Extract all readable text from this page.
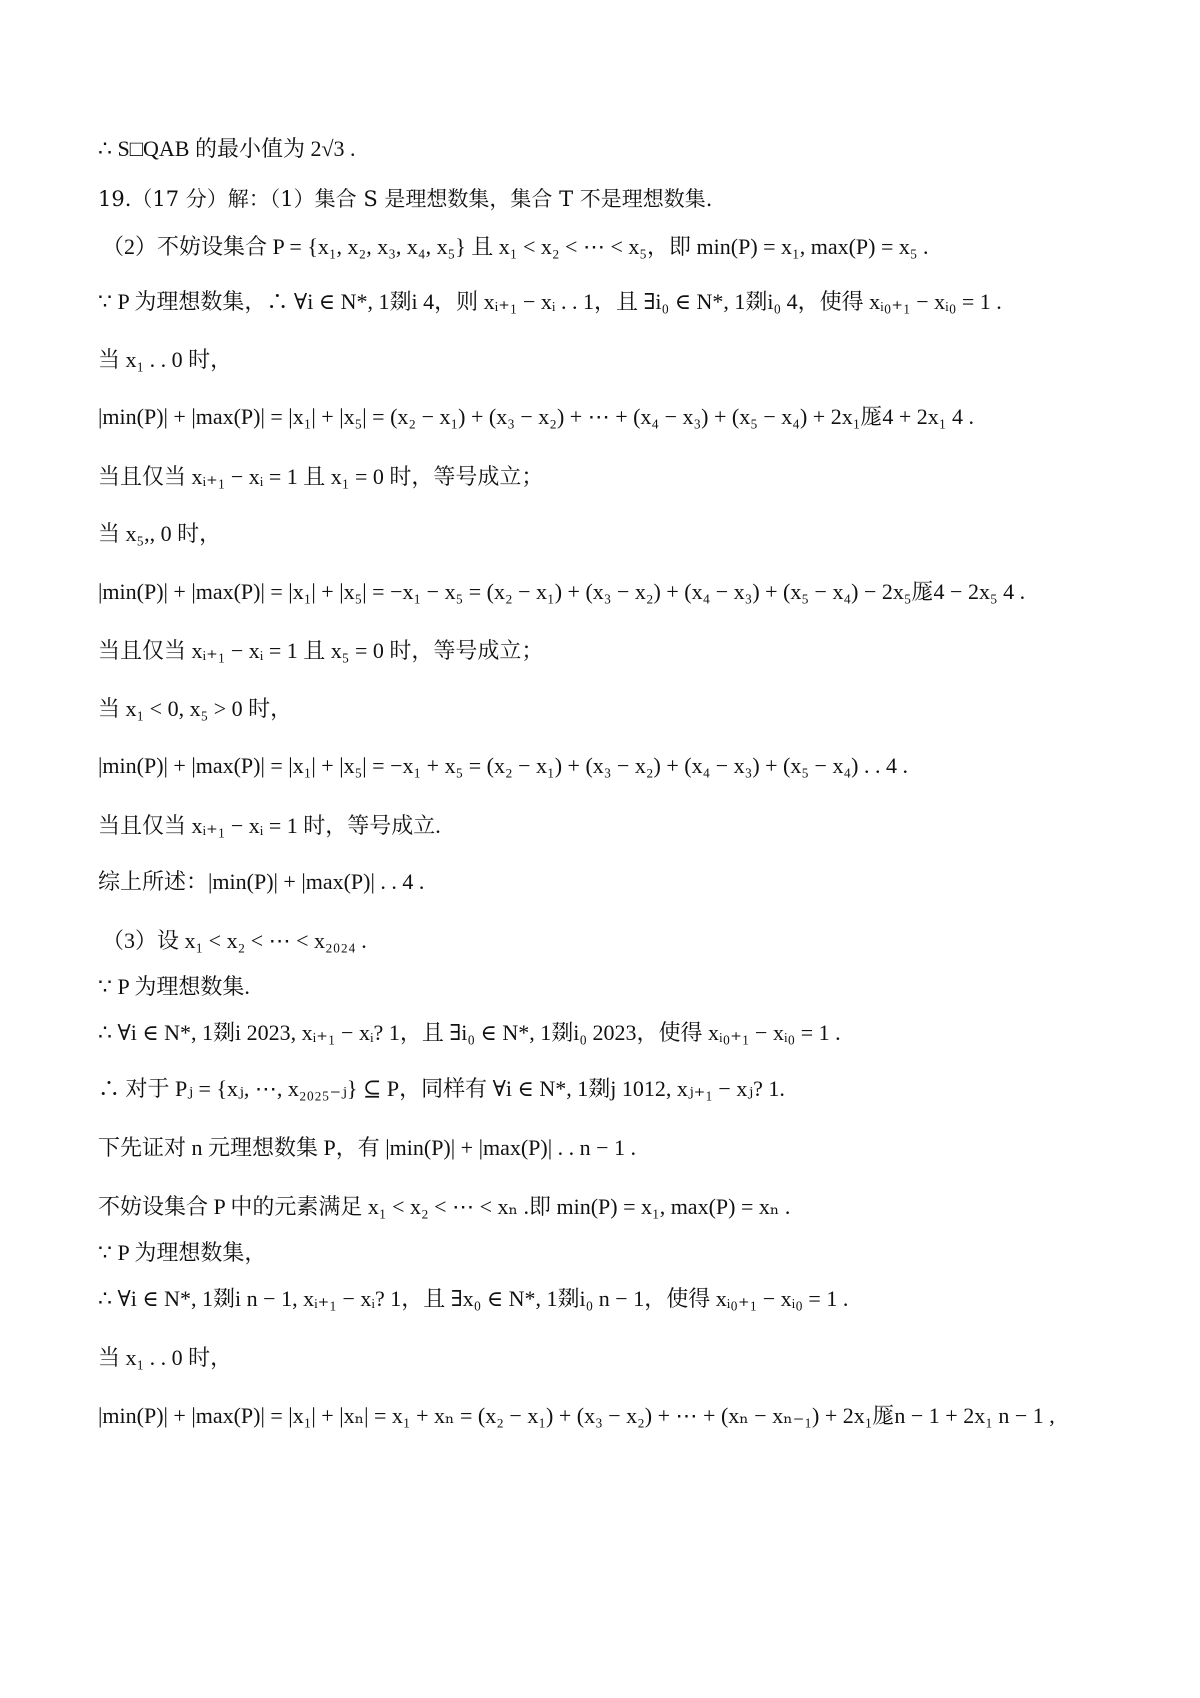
∴ S□QAB 的最小值为 2√3 .
19.（17 分）解：（1）集合 S 是理想数集，集合 T 不是理想数集.
（2）不妨设集合 P = {x₁, x₂, x₃, x₄, x₅} 且 x₁ < x₂ < ⋯ < x₅，即 min(P) = x₁, max(P) = x₅ .
∵ P 为理想数集，∴ ∀i ∈ N*, 1剟i 4，则 xᵢ₊₁ − xᵢ . . 1，且 ∃i₀ ∈ N*, 1剟i₀ 4，使得 xᵢ₀₊₁ − xᵢ₀ = 1 .
当 x₁ . . 0 时，
|min(P)| + |max(P)| = |x₁| + |x₅| = (x₂ − x₁) + (x₃ − x₂) + ⋯ + (x₄ − x₃) + (x₅ − x₄) + 2x₁厖4 + 2x₁ 4 .
当且仅当 xᵢ₊₁ − xᵢ = 1 且 x₁ = 0 时，等号成立；
当 x₅,, 0 时，
|min(P)| + |max(P)| = |x₁| + |x₅| = −x₁ − x₅ = (x₂ − x₁) + (x₃ − x₂) + (x₄ − x₃) + (x₅ − x₄) − 2x₅厖4 − 2x₅ 4 .
当且仅当 xᵢ₊₁ − xᵢ = 1 且 x₅ = 0 时，等号成立；
当 x₁ < 0, x₅ > 0 时，
|min(P)| + |max(P)| = |x₁| + |x₅| = −x₁ + x₅ = (x₂ − x₁) + (x₃ − x₂) + (x₄ − x₃) + (x₅ − x₄) . . 4 .
当且仅当 xᵢ₊₁ − xᵢ = 1 时，等号成立.
综上所述：|min(P)| + |max(P)| . . 4 .
（3）设 x₁ < x₂ < ⋯ < x₂₀₂₄ .
∵ P 为理想数集.
∴ ∀i ∈ N*, 1剟i 2023, xᵢ₊₁ − xᵢ? 1，且 ∃i₀ ∈ N*, 1剟i₀ 2023，使得 xᵢ₀₊₁ − xᵢ₀ = 1 .
∴ 对于 Pⱼ = {xⱼ, ⋯, x₂₀₂₅₋ⱼ} ⊆ P，同样有 ∀i ∈ N*, 1剟j 1012, xⱼ₊₁ − xⱼ? 1.
下先证对 n 元理想数集 P，有 |min(P)| + |max(P)| . . n − 1 .
不妨设集合 P 中的元素满足 x₁ < x₂ < ⋯ < xₙ .即 min(P) = x₁, max(P) = xₙ .
∵ P 为理想数集，
∴ ∀i ∈ N*, 1剟i n − 1, xᵢ₊₁ − xᵢ? 1，且 ∃x₀ ∈ N*, 1剟i₀ n − 1，使得 xᵢ₀₊₁ − xᵢ₀ = 1 .
当 x₁ . . 0 时，
|min(P)| + |max(P)| = |x₁| + |xₙ| = x₁ + xₙ = (x₂ − x₁) + (x₃ − x₂) + ⋯ + (xₙ − xₙ₋₁) + 2x₁厖n − 1 + 2x₁ n − 1 ,
